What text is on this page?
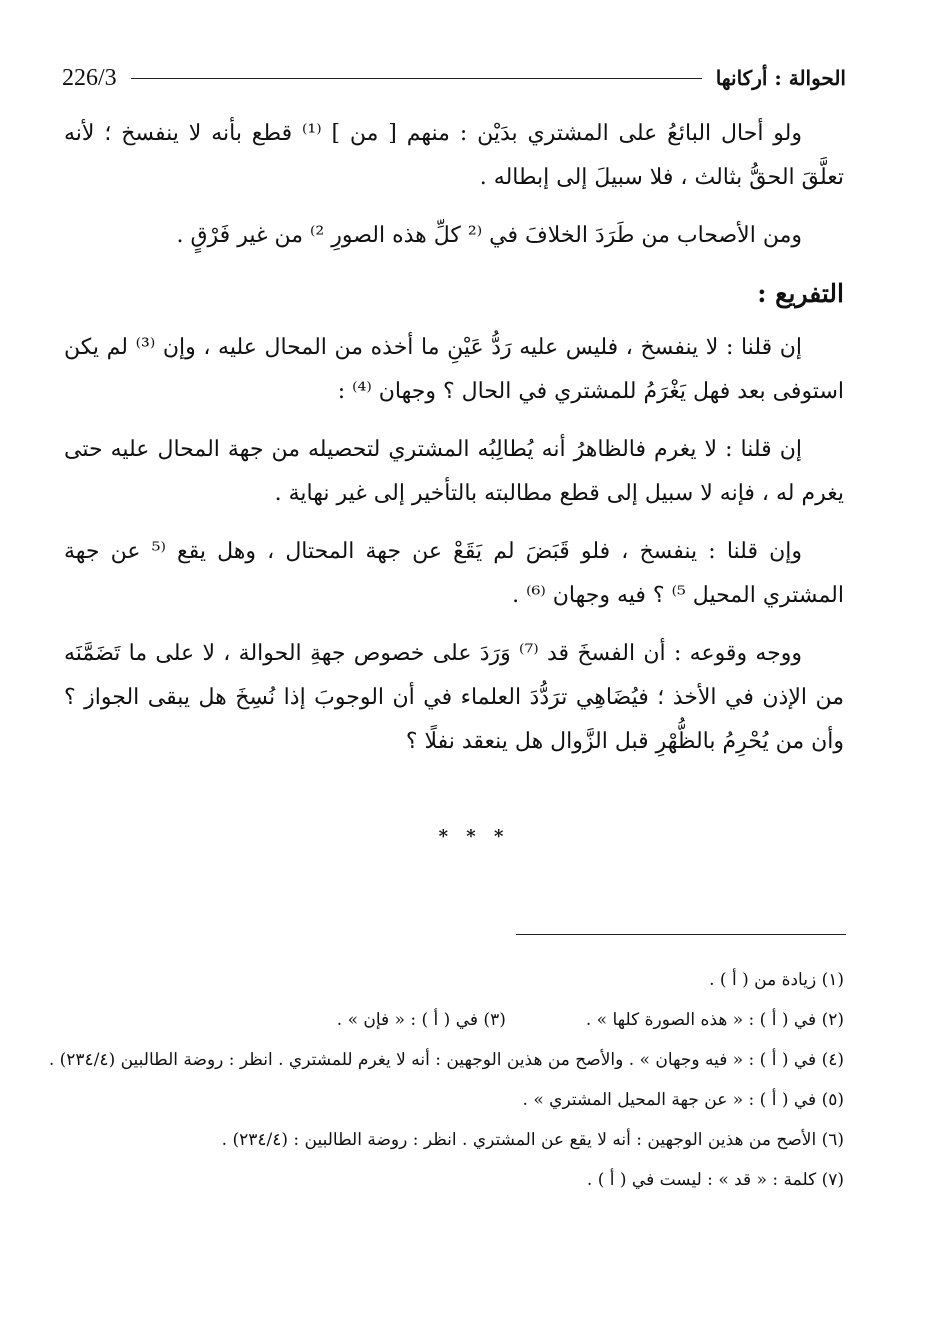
226/3	الحوالة : أركانها

ولو أحال البائعُ على المشتري بدَيْن : منهم [ من ] ⁽¹⁾ قطع بأنه لا ينفسخ ؛ لأنه تعلَّقَ الحقُّ بثالث ، فلا سبيلَ إلى إبطاله .

ومن الأصحاب من طَرَدَ الخلافَ في ⁽² كلِّ هذه الصورِ ²⁾ من غير فَرْقٍ .

التفريع :

إن قلنا : لا ينفسخ ، فليس عليه رَدُّ عَيْنِ ما أخذه من المحال عليه ، وإن ⁽³⁾ لم يكن استوفى بعد فهل يَغْرَمُ للمشتري في الحال ؟ وجهان ⁽⁴⁾ :

إن قلنا : لا يغرم فالظاهرُ أنه يُطالِبُه المشتري لتحصيله من جهة المحال عليه حتى يغرم له ، فإنه لا سبيل إلى قطع مطالبته بالتأخير إلى غير نهاية .

وإن قلنا : ينفسخ ، فلو قَبَضَ لم يَقَعْ عن جهة المحتال ، وهل يقع ⁽⁵ عن جهة المشتري المحيل ⁵⁾ ؟ فيه وجهان ⁽⁶⁾ .

ووجه وقوعه : أن الفسخَ قد ⁽⁷⁾ وَرَدَ على خصوص جهةِ الحوالة ، لا على ما تَضَمَّنَه من الإذن في الأخذ ؛ فيُضَاهِي ترَدُّدَ العلماء في أن الوجوبَ إذا نُسِخَ هل يبقى الجواز ؟ وأن من يُحْرِمُ بالظُّهْرِ قبل الزَّوال هل ينعقد نفلًا ؟

* * *
(١) زيادة من ( أ ) .
(٢) في ( أ ) : « هذه الصورة كلها » .
(٣) في ( أ ) : « فإن » .
(٤) في ( أ ) : « فيه وجهان » . والأصح من هذين الوجهين : أنه لا يغرم للمشتري . انظر : روضة الطالبين (٢٣٤/٤) .
(٥) في ( أ ) : « عن جهة المحيل المشتري » .
(٦) الأصح من هذين الوجهين : أنه لا يقع عن المشتري . انظر : روضة الطالبين : (٢٣٤/٤) .
(٧) كلمة : « قد » : ليست في ( أ ) .
